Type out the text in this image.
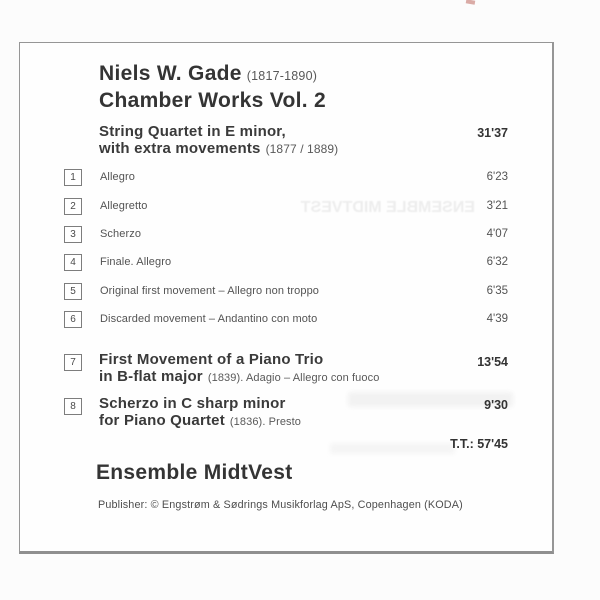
ENSEMBLE MIDTVEST
Niels W. Gade (1817-1890)
Chamber Works Vol. 2
String Quartet in E minor,
with extra movements (1877 / 1889)
31'37
1	Allegro	6'23
2	Allegretto	3'21
3	Scherzo	4'07
4	Finale. Allegro	6'32
5	Original first movement – Allegro non troppo	6'35
6	Discarded movement – Andantino con moto	4'39
7	First Movement of a Piano Trio
in B-flat major (1839). Adagio – Allegro con fuoco
13'54
8	Scherzo in C sharp minor
for Piano Quartet (1836). Presto
9'30
T.T.: 57'45
Ensemble MidtVest
Publisher: © Engstrøm & Sødrings Musikforlag ApS, Copenhagen (KODA)
